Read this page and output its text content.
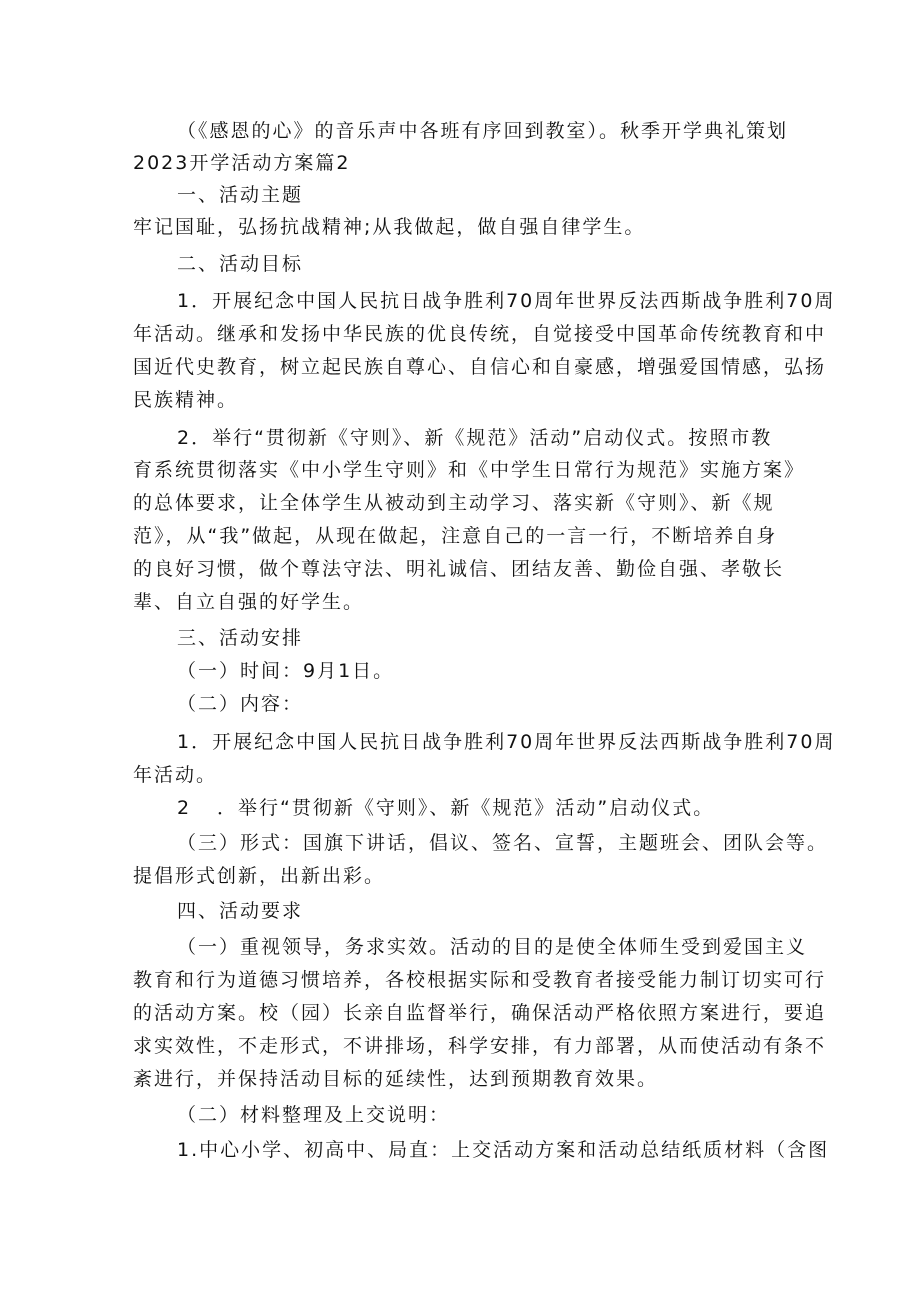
（《感恩的心》的音乐声中各班有序回到教室）。秋季开学典礼策划
2023开学活动方案篇2
一、活动主题
牢记国耻，弘扬抗战精神;从我做起，做自强自律学生。
二、活动目标
1．开展纪念中国人民抗日战争胜利70周年世界反法西斯战争胜利70周
年活动。继承和发扬中华民族的优良传统，自觉接受中国革命传统教育和中
国近代史教育，树立起民族自尊心、自信心和自豪感，增强爱国情感，弘扬
民族精神。
2．举行“贯彻新《守则》、新《规范》活动”启动仪式。按照市教
育系统贯彻落实《中小学生守则》和《中学生日常行为规范》实施方案》
的总体要求，让全体学生从被动到主动学习、落实新《守则》、新《规
范》，从“我”做起，从现在做起，注意自己的一言一行，不断培养自身
的良好习惯，做个尊法守法、明礼诚信、团结友善、勤俭自强、孝敬长
辈、自立自强的好学生。
三、活动安排
（一）时间：9月1日。
（二）内容：
1．开展纪念中国人民抗日战争胜利70周年世界反法西斯战争胜利70周
年活动。
2 ．举行“贯彻新《守则》、新《规范》活动”启动仪式。
（三）形式：国旗下讲话，倡议、签名、宣誓，主题班会、团队会等。
提倡形式创新，出新出彩。
四、活动要求
（一）重视领导，务求实效。活动的目的是使全体师生受到爱国主义
教育和行为道德习惯培养，各校根据实际和受教育者接受能力制订切实可行
的活动方案。校（园）长亲自监督举行，确保活动严格依照方案进行，要追
求实效性，不走形式，不讲排场，科学安排，有力部署，从而使活动有条不
紊进行，并保持活动目标的延续性，达到预期教育效果。
（二）材料整理及上交说明：
1.中心小学、初高中、局直：上交活动方案和活动总结纸质材料（含图
